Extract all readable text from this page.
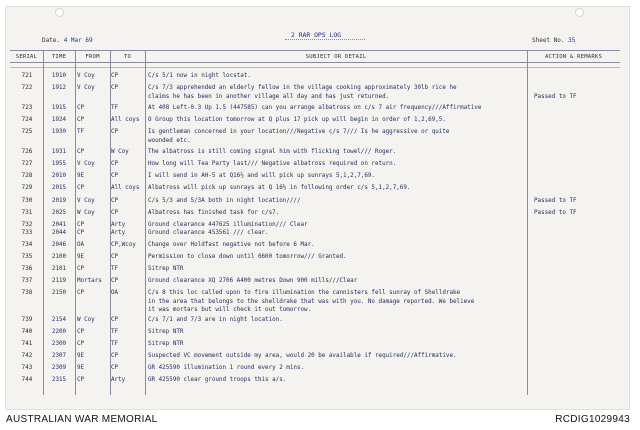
Date. 4 Mar 69
2 RAR OPS LOG
Sheet No. 35
SERIAL	TIME	FROM	TO	SUBJECT OR DETAIL	ACTION & REMARKS
721	1910	V Coy	CP	C/s 5/1 now in night locstat.
722	1912	V Coy	CP	C/s 7/3 apprehended an elderly fellow in the village cooking approximately 30lb rice he
claims he has been in another village all day and has just returned.	Passed to TF
723	1915	CP	TF	At 408 Left-0.3 Up 1.5 (447585) can you arrange albatross on c/s 7 air frequency///Affirmative
724	1924	CP	All coys	O Group this location tomorrow at Q plus 17 pick up will begin in order of 1,2,69,5.
725	1930	TF	CP	Is gentleman concerned in your location///Negative c/s 7/// Is he aggressive or quite
wounded etc.
726	1931	CP	W Coy	The albatross is still coming signal him with flicking towel/// Roger.
727	1955	V Coy	CP	How long will Tea Party last/// Negative albatross required on return.
728	2010	9E	CP	I will send in AH-5 at Q16½ and will pick up sunrays 5,1,2,7,69.
729	2015	CP	All coys	Albatross will pick up sunrays at Q 16½ in following order c/s 5,1,2,7,69.
730	2019	V Coy	CP	C/s 5/3 and 5/3A both in night location////	Passed to TF
731	2025	W Coy	CP	Albatross has finished task for c/s7.	Passed to TF
732	2041	CP	Arty	Ground clearance 447625 illumination/// Clear
733	2044	CP	Arty	Ground clearance 453561 /// clear.
734	2046	OA	CP,Wcoy	Change over Holdfast negative not before 6 Mar.
735	2100	9E	CP	Permission to close down until 0600 tomorrow/// Granted.
736	2101	CP	TF	Sitrep NTR
737	2119	Mortars	CP	Ground clearance XQ 2706 A400 metres Down 900 mills///Clear
738	2150	CP	OA	C/s 8 this loc called upon to fire illumination the cannisters fell sunray of Shelldrake
in the area that belongs to the shelldrake that was with you. No damage reported. We believe
it was mortars but will check it out tomorrow.
739	2154	W Coy	CP	C/s 7/1 and 7/3 are in night location.
740	2200	CP	TF	Sitrep NTR
741	2300	CP	TF	Sitrep NTR
742	2307	9E	CP	Suspected VC movement outside my area, would 20 be available if required///Affirmative.
743	2309	9E	CP	GR 425590 illumination 1 round every 2 mins.
744	2315	CP	Arty	GR 425590 clear ground troops this a/s.
AUSTRALIAN WAR MEMORIAL	RCDIG1029943
